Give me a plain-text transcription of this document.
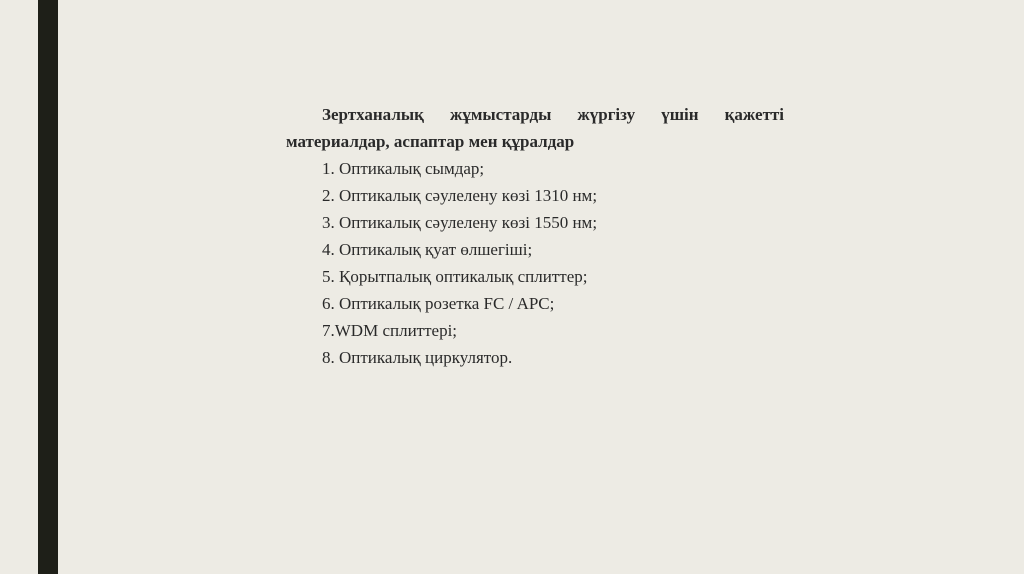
Зертханалық жұмыстарды жүргізу үшін қажетті
материалдар, аспаптар мен құралдар

1. Оптикалық сымдар;
2. Оптикалық сәулелену көзі 1310 нм;
3. Оптикалық сәулелену көзі 1550 нм;
4. Оптикалық қуат өлшегіші;
5. Қорытпалық оптикалық сплиттер;
6. Оптикалық розетка FC / APC;
7.WDM сплиттері;
8. Оптикалық циркулятор.
